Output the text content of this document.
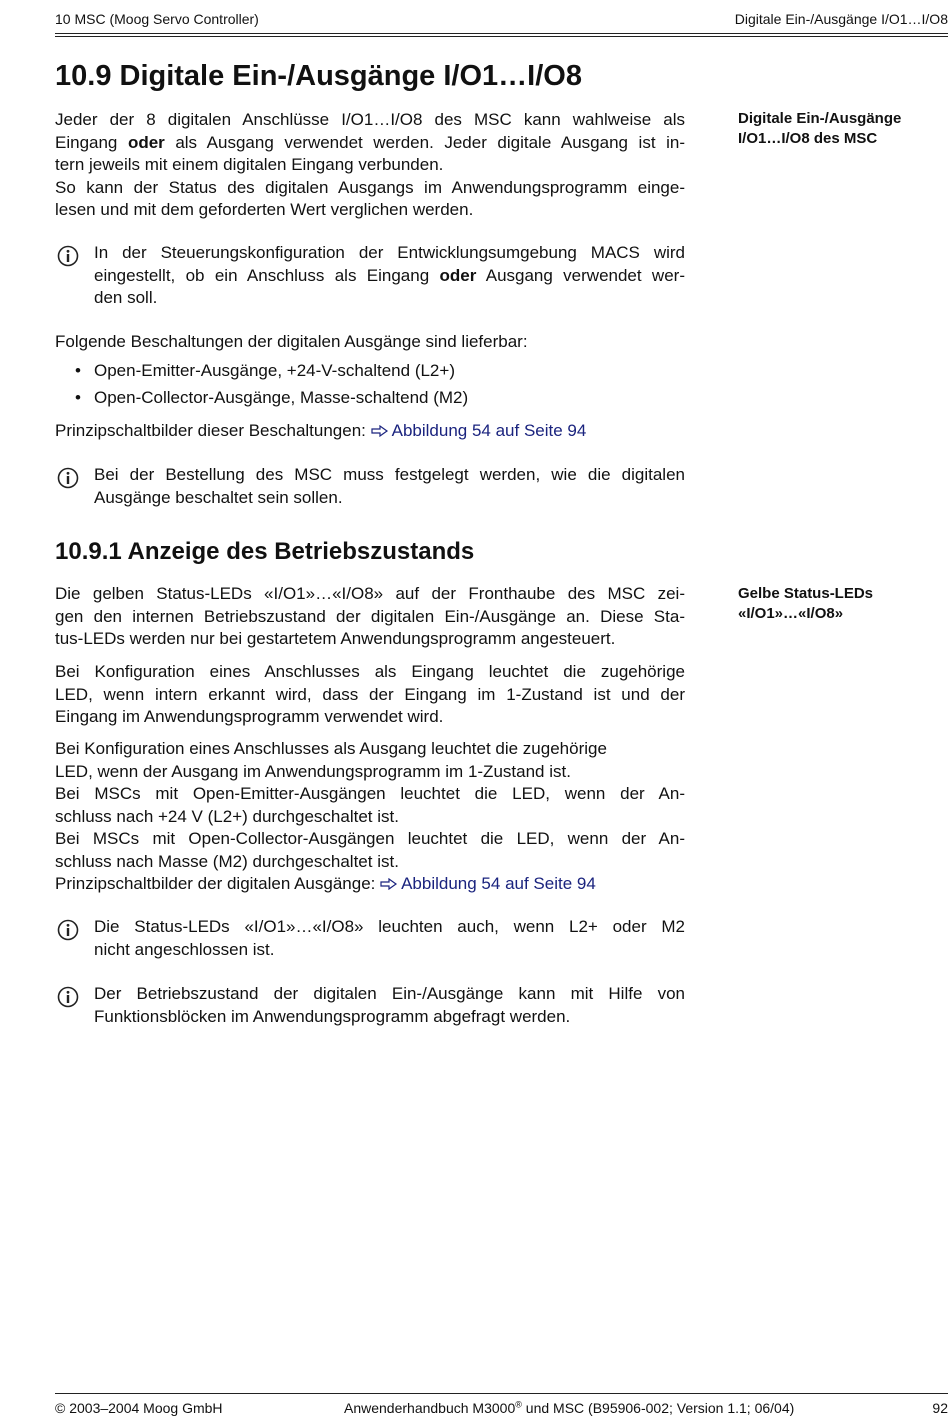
10 MSC (Moog Servo Controller)	Digitale Ein-/Ausgänge I/O1…I/O8
10.9 Digitale Ein-/Ausgänge I/O1…I/O8
Digitale Ein-/Ausgänge
I/O1…I/O8 des MSC
Jeder der 8 digitalen Anschlüsse I/O1…I/O8 des MSC kann wahlweise als
Eingang oder als Ausgang verwendet werden. Jeder digitale Ausgang ist in-
tern jeweils mit einem digitalen Eingang verbunden.
So kann der Status des digitalen Ausgangs im Anwendungsprogramm einge-
lesen und mit dem geforderten Wert verglichen werden.
In der Steuerungskonfiguration der Entwicklungsumgebung MACS wird
eingestellt, ob ein Anschluss als Eingang oder Ausgang verwendet wer-
den soll.
Folgende Beschaltungen der digitalen Ausgänge sind lieferbar:
• Open-Emitter-Ausgänge, +24-V-schaltend (L2+)
• Open-Collector-Ausgänge, Masse-schaltend (M2)
Prinzipschaltbilder dieser Beschaltungen: Abbildung 54 auf Seite 94
Bei der Bestellung des MSC muss festgelegt werden, wie die digitalen
Ausgänge beschaltet sein sollen.
10.9.1 Anzeige des Betriebszustands
Gelbe Status-LEDs
«I/O1»…«I/O8»
Die gelben Status-LEDs «I/O1»…«I/O8» auf der Fronthaube des MSC zei-
gen den internen Betriebszustand der digitalen Ein-/Ausgänge an. Diese Sta-
tus-LEDs werden nur bei gestartetem Anwendungsprogramm angesteuert.
Bei Konfiguration eines Anschlusses als Eingang leuchtet die zugehörige
LED, wenn intern erkannt wird, dass der Eingang im 1-Zustand ist und der
Eingang im Anwendungsprogramm verwendet wird.
Bei Konfiguration eines Anschlusses als Ausgang leuchtet die zugehörige
LED, wenn der Ausgang im Anwendungsprogramm im 1-Zustand ist.
Bei MSCs mit Open-Emitter-Ausgängen leuchtet die LED, wenn der An-
schluss nach +24 V (L2+) durchgeschaltet ist.
Bei MSCs mit Open-Collector-Ausgängen leuchtet die LED, wenn der An-
schluss nach Masse (M2) durchgeschaltet ist.
Prinzipschaltbilder der digitalen Ausgänge: Abbildung 54 auf Seite 94
Die Status-LEDs «I/O1»…«I/O8» leuchten auch, wenn L2+ oder M2
nicht angeschlossen ist.
Der Betriebszustand der digitalen Ein-/Ausgänge kann mit Hilfe von
Funktionsblöcken im Anwendungsprogramm abgefragt werden.
© 2003–2004 Moog GmbH	Anwenderhandbuch M3000® und MSC (B95906-002; Version 1.1; 06/04)	92
